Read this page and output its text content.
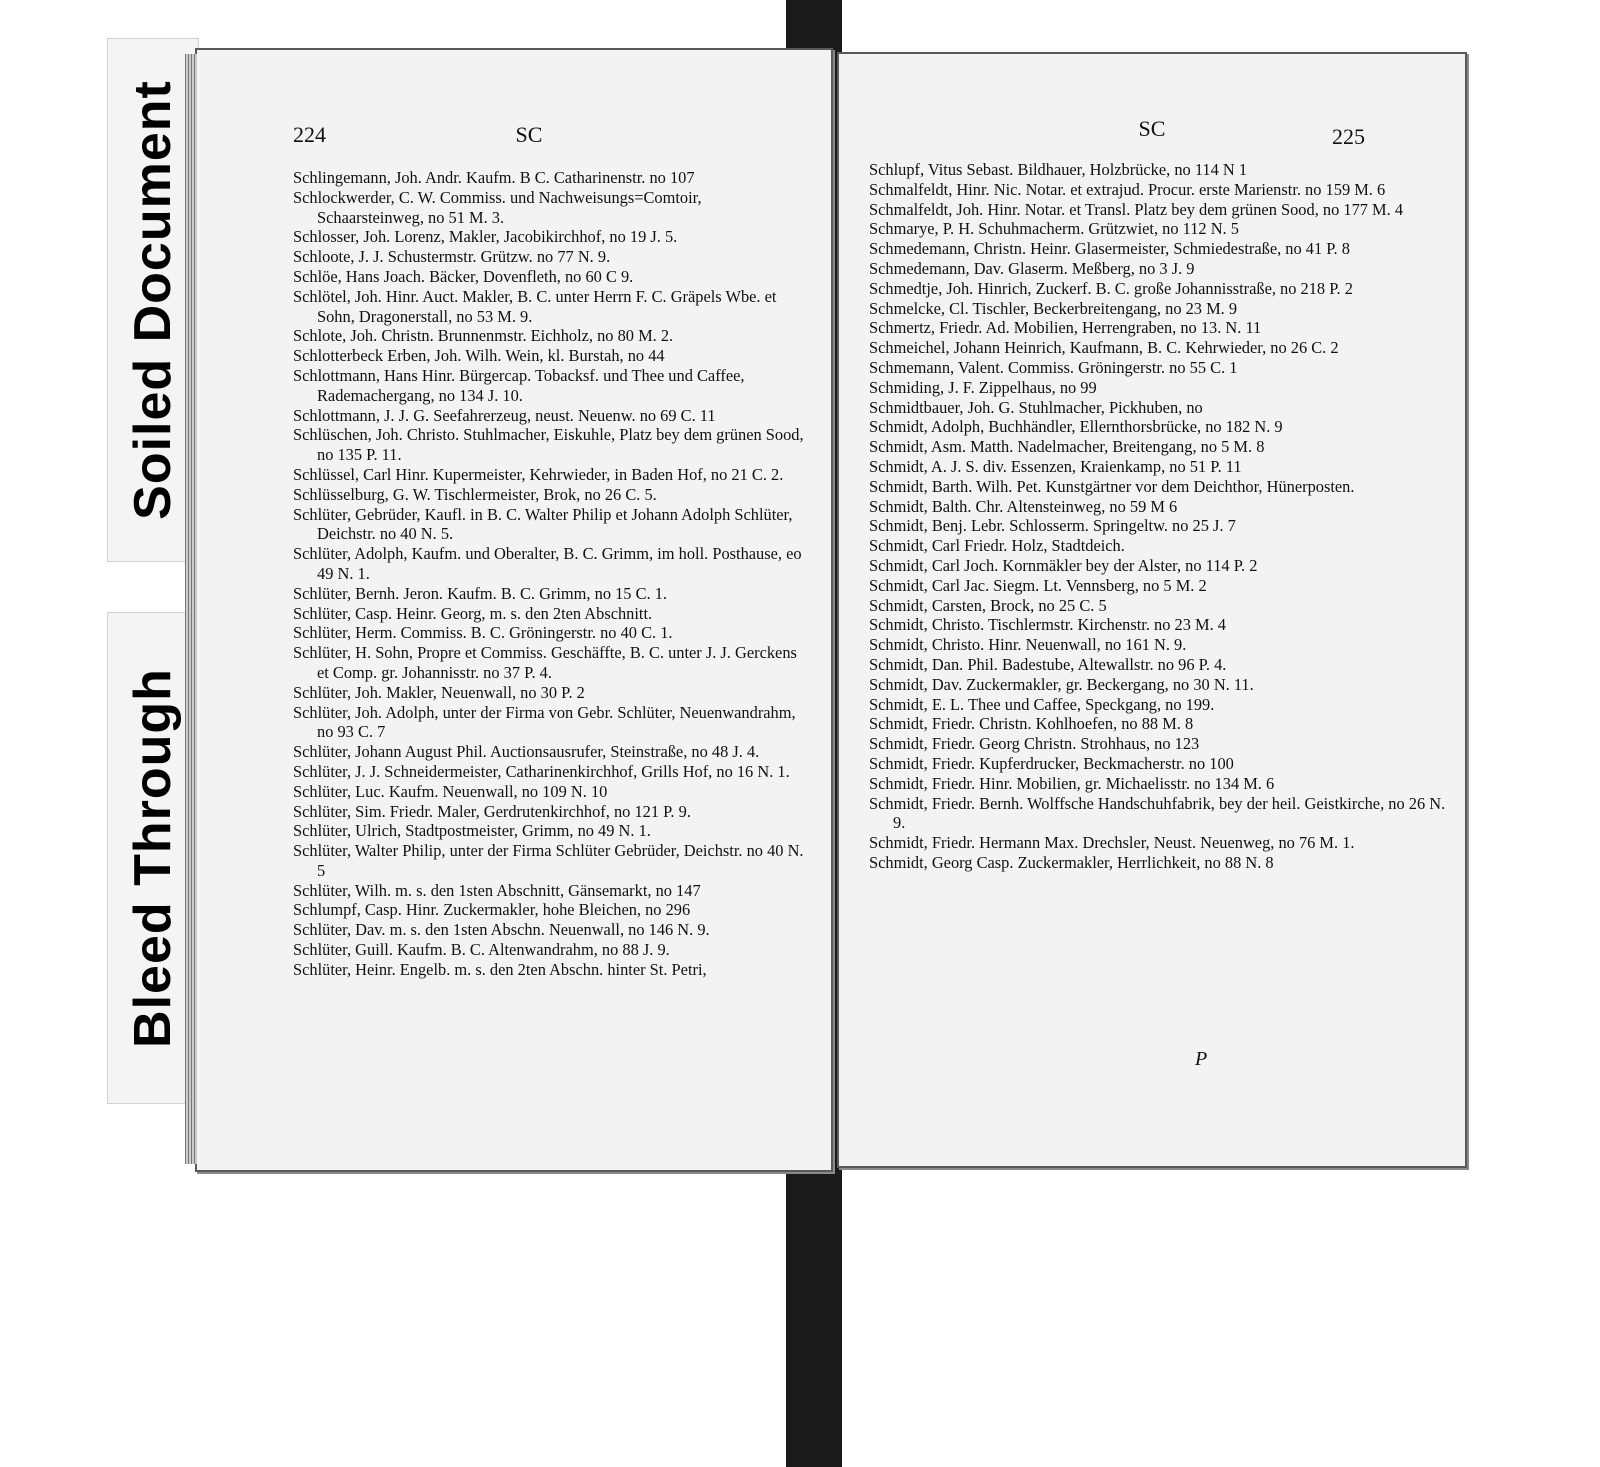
Soiled Document
Bleed Through
224	SC

Schlingemann, Joh. Andr. Kaufm. B C. Catharinenstr. no 107

Schlockwerder, C. W. Commiss. und Nachweisungs=Comtoir, Schaarsteinweg, no 51 M. 3.

Schlosser, Joh. Lorenz, Makler, Jacobikirchhof, no 19 J. 5.

Schloote, J. J. Schustermstr. Grützw. no 77 N. 9.

Schlöe, Hans Joach. Bäcker, Dovenfleth, no 60 C 9.

Schlötel, Joh. Hinr. Auct. Makler, B. C. unter Herrn F. C. Gräpels Wbe. et Sohn, Dragonerstall, no 53 M. 9.

Schlote, Joh. Christn. Brunnenmstr. Eichholz, no 80 M. 2.

Schlotterbeck Erben, Joh. Wilh. Wein, kl. Burstah, no 44

Schlottmann, Hans Hinr. Bürgercap. Tobacksf. und Thee und Caffee, Rademachergang, no 134 J. 10.

Schlottmann, J. J. G. Seefahrerzeug, neust. Neuenw. no 69 C. 11

Schlüschen, Joh. Christo. Stuhlmacher, Eiskuhle, Platz bey dem grünen Sood, no 135 P. 11.

Schlüssel, Carl Hinr. Kupermeister, Kehrwieder, in Baden Hof, no 21 C. 2.

Schlüsselburg, G. W. Tischlermeister, Brok, no 26 C. 5.

Schlüter, Gebrüder, Kaufl. in B. C. Walter Philip et Johann Adolph Schlüter, Deichstr. no 40 N. 5.

Schlüter, Adolph, Kaufm. und Oberalter, B. C. Grimm, im holl. Posthause, eo 49 N. 1.

Schlüter, Bernh. Jeron. Kaufm. B. C. Grimm, no 15 C. 1.

Schlüter, Casp. Heinr. Georg, m. s. den 2ten Abschnitt.

Schlüter, Herm. Commiss. B. C. Gröningerstr. no 40 C. 1.

Schlüter, H. Sohn, Propre et Commiss. Geschäffte, B. C. unter J. J. Gerckens et Comp. gr. Johannisstr. no 37 P. 4.

Schlüter, Joh. Makler, Neuenwall, no 30 P. 2

Schlüter, Joh. Adolph, unter der Firma von Gebr. Schlüter, Neuenwandrahm, no 93 C. 7

Schlüter, Johann August Phil. Auctionsausrufer, Steinstraße, no 48 J. 4.

Schlüter, J. J. Schneidermeister, Catharinenkirchhof, Grills Hof, no 16 N. 1.

Schlüter, Luc. Kaufm. Neuenwall, no 109 N. 10

Schlüter, Sim. Friedr. Maler, Gerdrutenkirchhof, no 121 P. 9.

Schlüter, Ulrich, Stadtpostmeister, Grimm, no 49 N. 1.

Schlüter, Walter Philip, unter der Firma Schlüter Gebrüder, Deichstr. no 40 N. 5

Schlüter, Wilh. m. s. den 1sten Abschnitt, Gänsemarkt, no 147

Schlumpf, Casp. Hinr. Zuckermakler, hohe Bleichen, no 296

Schlüter, Dav. m. s. den 1sten Abschn. Neuenwall, no 146 N. 9.

Schlüter, Guill. Kaufm. B. C. Altenwandrahm, no 88 J. 9.

Schlüter, Heinr. Engelb. m. s. den 2ten Abschn. hinter St. Petri,

SC	225

Schlupf, Vitus Sebast. Bildhauer, Holzbrücke, no 114 N 1

Schmalfeldt, Hinr. Nic. Notar. et extrajud. Procur. erste Marienstr. no 159 M. 6

Schmalfeldt, Joh. Hinr. Notar. et Transl. Platz bey dem grünen Sood, no 177 M. 4

Schmarye, P. H. Schuhmacherm. Grützwiet, no 112 N. 5

Schmedemann, Christn. Heinr. Glasermeister, Schmiedestraße, no 41 P. 8

Schmedemann, Dav. Glaserm. Meßberg, no 3 J. 9

Schmedtje, Joh. Hinrich, Zuckerf. B. C. große Johannisstraße, no 218 P. 2

Schmelcke, Cl. Tischler, Beckerbreitengang, no 23 M. 9

Schmertz, Friedr. Ad. Mobilien, Herrengraben, no 13. N. 11

Schmeichel, Johann Heinrich, Kaufmann, B. C. Kehrwieder, no 26 C. 2

Schmemann, Valent. Commiss. Gröningerstr. no 55 C. 1

Schmiding, J. F. Zippelhaus, no 99

Schmidtbauer, Joh. G. Stuhlmacher, Pickhuben, no

Schmidt, Adolph, Buchhändler, Ellernthorsbrücke, no 182 N. 9

Schmidt, Asm. Matth. Nadelmacher, Breitengang, no 5 M. 8

Schmidt, A. J. S. div. Essenzen, Kraienkamp, no 51 P. 11

Schmidt, Barth. Wilh. Pet. Kunstgärtner vor dem Deichthor, Hünerposten.

Schmidt, Balth. Chr. Altensteinweg, no 59 M 6

Schmidt, Benj. Lebr. Schlosserm. Springeltw. no 25 J. 7

Schmidt, Carl Friedr. Holz, Stadtdeich.

Schmidt, Carl Joch. Kornmäkler bey der Alster, no 114 P. 2

Schmidt, Carl Jac. Siegm. Lt. Vennsberg, no 5 M. 2

Schmidt, Carsten, Brock, no 25 C. 5

Schmidt, Christo. Tischlermstr. Kirchenstr. no 23 M. 4

Schmidt, Christo. Hinr. Neuenwall, no 161 N. 9.

Schmidt, Dan. Phil. Badestube, Altewallstr. no 96 P. 4.

Schmidt, Dav. Zuckermakler, gr. Beckergang, no 30 N. 11.

Schmidt, E. L. Thee und Caffee, Speckgang, no 199.

Schmidt, Friedr. Christn. Kohlhoefen, no 88 M. 8

Schmidt, Friedr. Georg Christn. Strohhaus, no 123

Schmidt, Friedr. Kupferdrucker, Beckmacherstr. no 100

Schmidt, Friedr. Hinr. Mobilien, gr. Michaelisstr. no 134 M. 6

Schmidt, Friedr. Bernh. Wolffsche Handschuhfabrik, bey der heil. Geistkirche, no 26 N. 9.

Schmidt, Friedr. Hermann Max. Drechsler, Neust. Neuenweg, no 76 M. 1.

Schmidt, Georg Casp. Zuckermakler, Herrlichkeit, no 88 N. 8

P
